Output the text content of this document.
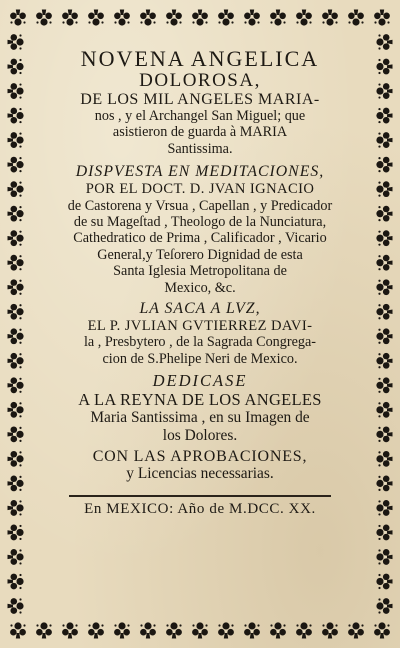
NOVENA ANGELICA
DOLOROSA,
DE LOS MIL ANGELES MARIA-
nos , y el Archangel San Miguel; que
asistieron de guarda à MARIA
Santissima.
DISPVESTA EN MEDITACIONES,
POR EL DOCT. D. JVAN IGNACIO
de Castorena y Vrsua , Capellan , y Predicador
de su Mageſtad , Theologo de la Nunciatura,
Cathedratico de Prima , Calificador , Vicario
General,y Teſorero Dignidad de esta
Santa Iglesia Metropolitana de
Mexico, &c.
LA SACA A LVZ,
EL P. JVLIAN GVTIERREZ DAVI-
la , Presbytero , de la Sagrada Congrega-
cion de S.Phelipe Neri de Mexico.
DEDICASE
A LA REYNA DE LOS ANGELES
Maria Santissima , en su Imagen de
los Dolores.
CON LAS APROBACIONES,
y Licencias necessarias.
En MEXICO: Año de M.DCC. XX.
